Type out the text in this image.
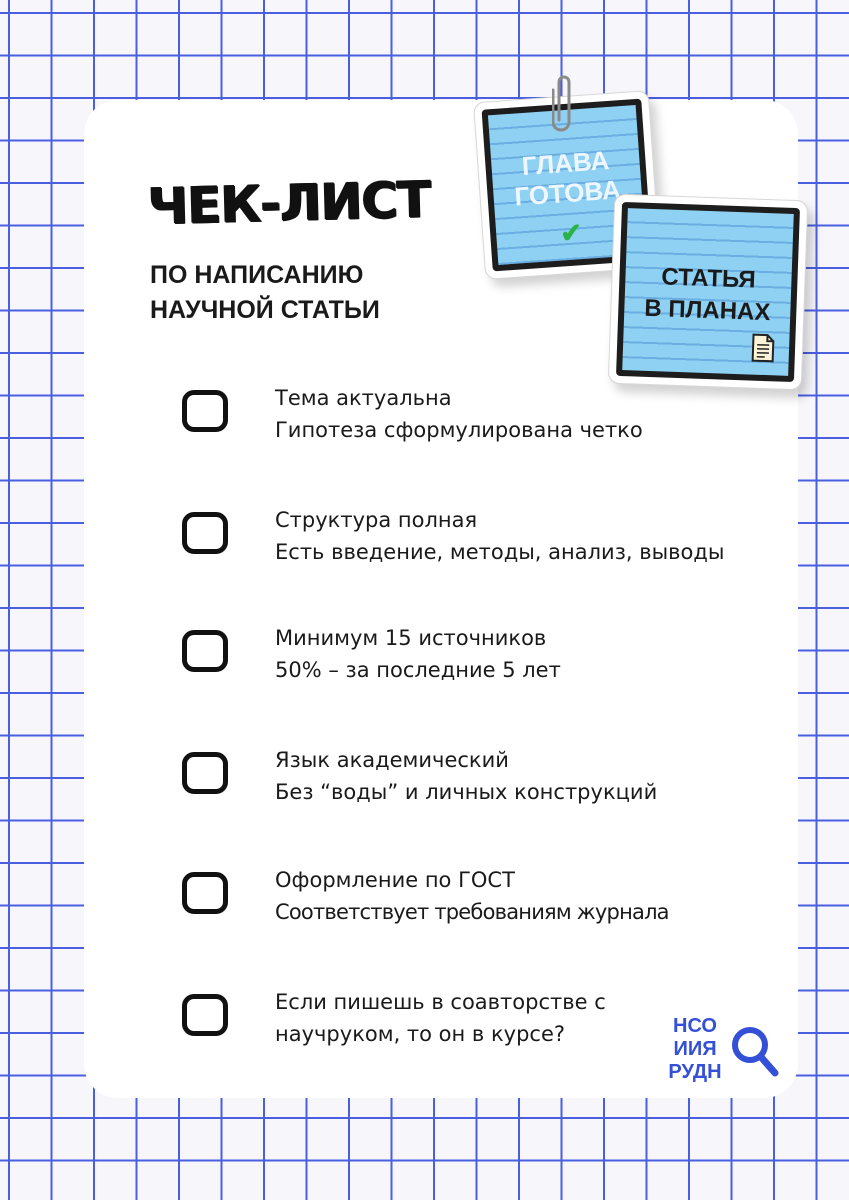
ЧЕК-ЛИСТ
ПО НАПИСАНИЮ
НАУЧНОЙ СТАТЬИ
ГЛАВА
ГОТОВА
✔
СТАТЬЯ
В ПЛАНАХ
Тема актуальна
Гипотеза сформулирована четко
Структура полная
Есть введение, методы, анализ, выводы
Минимум 15 источников
50% – за последние 5 лет
Язык академический
Без “воды” и личных конструкций
Оформление по ГОСТ
Соответствует требованиям журнала
Если пишешь в соавторстве с
научруком, то он в курсе?	НСО
ИИЯ
РУДН
